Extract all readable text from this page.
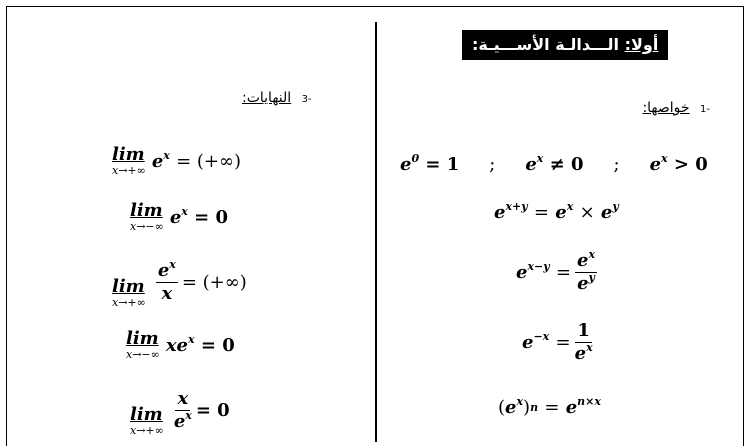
أولا: الـــدالـة الأســـيـة:
-1 خواصها:
-3 النهايات:
$e^0 = 1$ ; $e^x \ne 0$ ; $e^x > 0$
$e^{x+y} = e^x \times e^y$
$e^{x-y} = \frac{e^x}{e^y}$
$e^{-x} = \frac{1}{e^x}$
( $e^x$ ) n
= $e^{n\times x}$
lim
x→+∞ $e^x$ = (+∞)
lim
x→−∞ $e^x = 0$
lim
$x\to+\infty \frac{e^x}{x}$ = (+∞)
lim
x→−∞ $xe^x = 0$
lim
$x\to+\infty \frac{x}{e^x} = 0$
